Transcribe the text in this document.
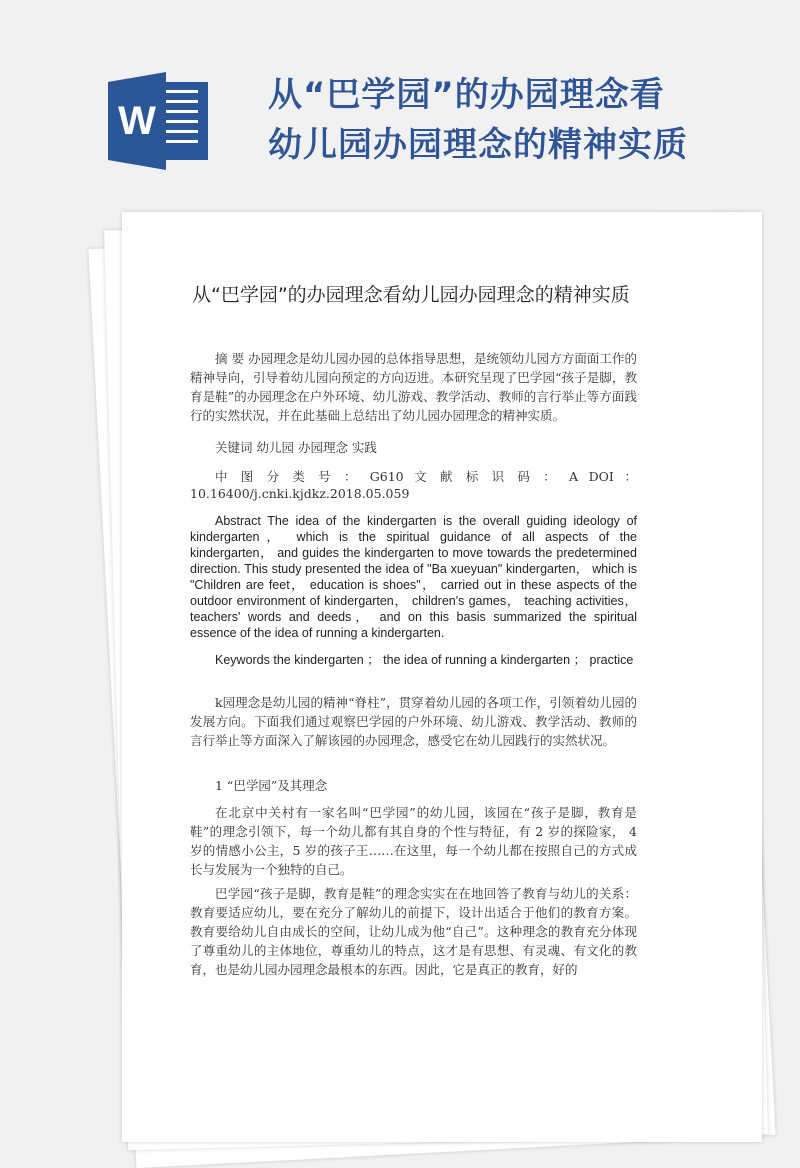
W
从“巴学园”的办园理念看幼儿园办园理念的精神实质
从“巴学园”的办园理念看幼儿园办园理念的精神实质
摘 要 办园理念是幼儿园办园的总体指导思想，是统领幼儿园方方面面工作的精神导向，引导着幼儿园向预定的方向迈进。本研究呈现了巴学园“孩子是脚，教育是鞋”的办园理念在户外环境、幼儿游戏、教学活动、教师的言行举止等方面践行的实然状况，并在此基础上总结出了幼儿园办园理念的精神实质。
关键词 幼儿园 办园理念 实践
中 图 分 类 号 ： G610 文 献 标 识 码 ： A DOI ： 10.16400/j.cnki.kjdkz.2018.05.059
Abstract The idea of the kindergarten is the overall guiding ideology of kindergarten， which is the spiritual guidance of all aspects of the kindergarten， and guides the kindergarten to move towards the predetermined direction. This study presented the idea of "Ba xueyuan" kindergarten， which is "Children are feet， education is shoes"， carried out in these aspects of the outdoor environment of kindergarten， children's games， teaching activities， teachers' words and deeds， and on this basis summarized the spiritual essence of the idea of running a kindergarten.
Keywords the kindergarten ； the idea of running a kindergarten ； practice
k园理念是幼儿园的精神“脊柱”，贯穿着幼儿园的各项工作，引领着幼儿园的发展方向。下面我们通过观察巴学园的户外环境、幼儿游戏、教学活动、教师的言行举止等方面深入了解该园的办园理念，感受它在幼儿园践行的实然状况。
1 “巴学园”及其理念
在北京中关村有一家名叫“巴学园”的幼儿园，该园在“孩子是脚，教育是鞋”的理念引领下，每一个幼儿都有其自身的个性与特征，有 2 岁的探险家， 4 岁的情感小公主，5 岁的孩子王……在这里，每一个幼儿都在按照自己的方式成长与发展为一个独特的自己。
巴学园“孩子是脚，教育是鞋”的理念实实在在地回答了教育与幼儿的关系：教育要适应幼儿，要在充分了解幼儿的前提下，设计出适合于他们的教育方案。教育要给幼儿自由成长的空间，让幼儿成为他“自己”。这种理念的教育充分体现了尊重幼儿的主体地位，尊重幼儿的特点，这才是有思想、有灵魂、有文化的教育，也是幼儿园办园理念最根本的东西。因此，它是真正的教育，好的
